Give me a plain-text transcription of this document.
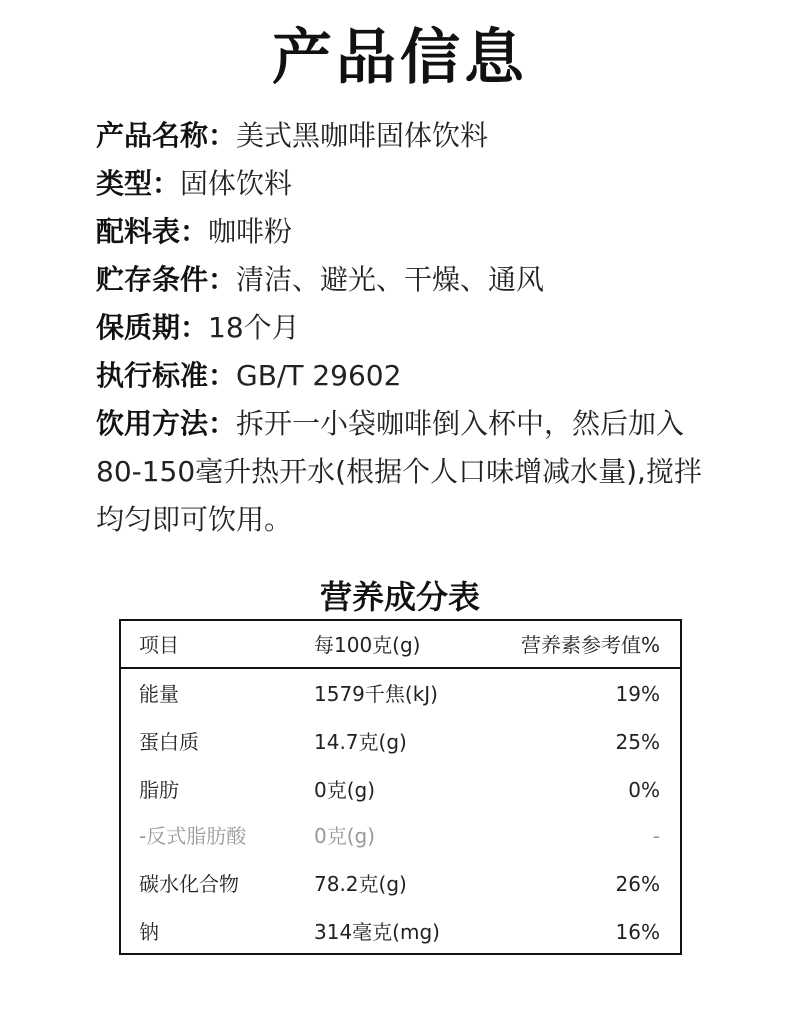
产品信息
产品名称：美式黑咖啡固体饮料
类型：固体饮料
配料表：咖啡粉
贮存条件：清洁、避光、干燥、通风
保质期：18个月
执行标准：GB/T 29602
饮用方法：拆开一小袋咖啡倒入杯中，然后加入
80-150毫升热开水(根据个人口味增减水量),搅拌
均匀即可饮用。
营养成分表
项目	每100克(g)	营养素参考值%
能量	1579千焦(kJ)	19%
蛋白质	14.7克(g)	25%
脂肪	0克(g)	0%
-反式脂肪酸	0克(g)	-
碳水化合物	78.2克(g)	26%
钠	314毫克(mg)	16%
